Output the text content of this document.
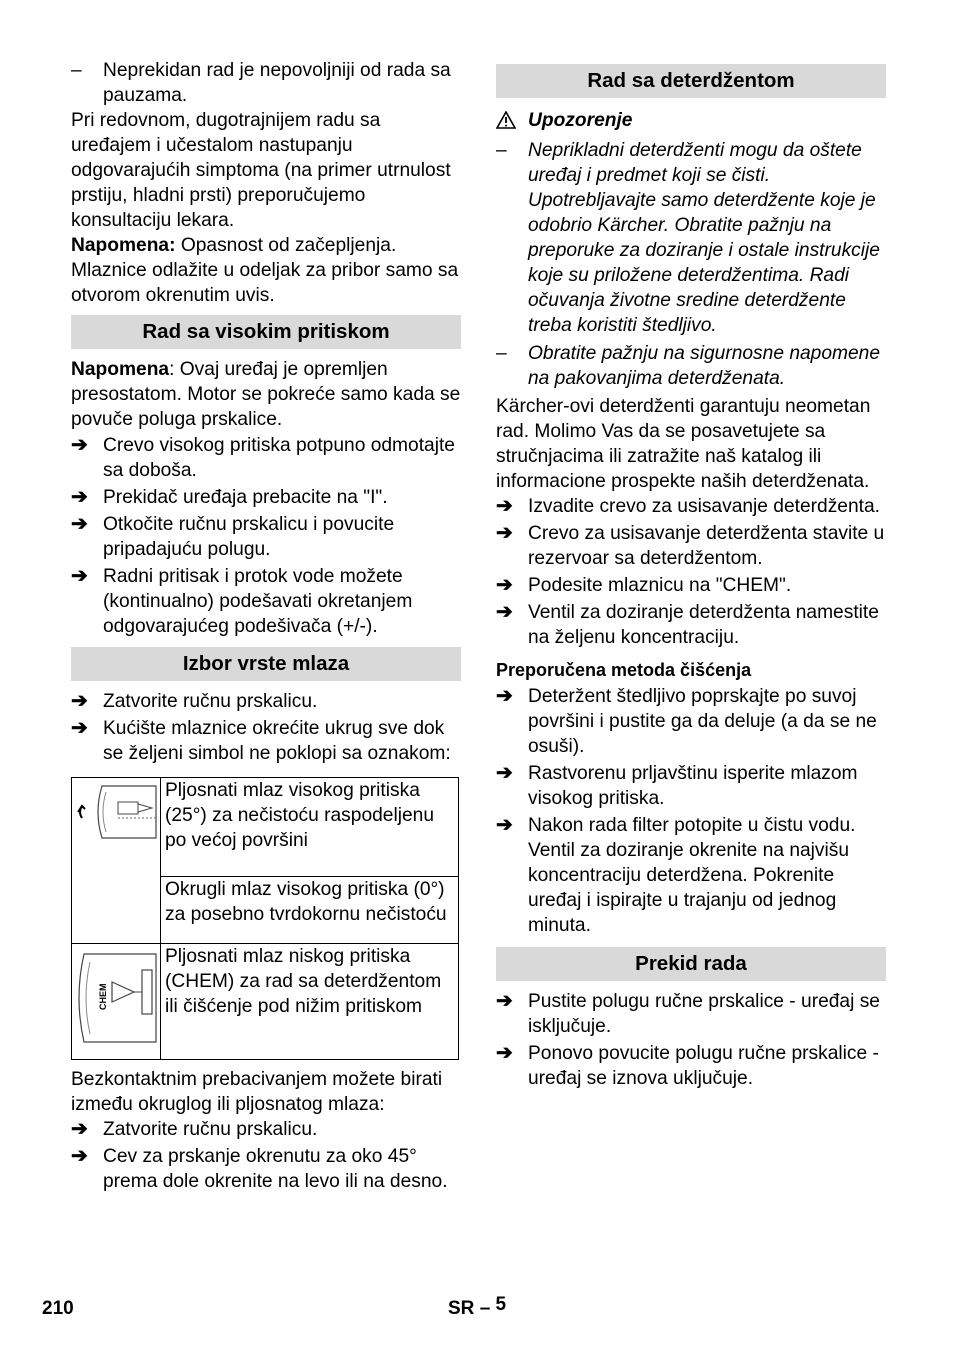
–	Neprekidan rad je nepovoljniji od rada sa pauzama.

Pri redovnom, dugotrajnijem radu sa uređajem i učestalom nastupanju odgovarajućih simptoma (na primer utrnulost prstiju, hladni prsti) preporučujemo konsultaciju lekara.

Napomena: Opasnost od začepljenja. Mlaznice odlažite u odeljak za pribor samo sa otvorom okrenutim uvis.

Rad sa visokim pritiskom

Napomena: Ovaj uređaj je opremljen presostatom. Motor se pokreće samo kada se povuče poluga prskalice.

➔ Crevo visokog pritiska potpuno odmotajte sa doboša.
➔ Prekidač uređaja prebacite na "I".
➔ Otkočite ručnu prskalicu i povucite pripadajuću polugu.
➔ Radni pritisak i protok vode možete (kontinualno) podešavati okretanjem odgovarajućeg podešivača (+/-).
Izbor vrste mlaza
➔ Zatvorite ručnu prskalicu.
➔ Kućište mlaznice okrećite ukrug sve dok se željeni simbol ne poklopi sa oznakom:
	Pljosnati mlaz visokog pritiska (25°) za nečistoću raspodeljenu po većoj površini
	Okrugli mlaz visokog pritiska (0°) za posebno tvrdokornu nečistoću

CHEM	Pljosnati mlaz niskog pritiska (CHEM) za rad sa deterdžentom ili čišćenje pod nižim pritiskom

Bezkontaktnim prebacivanjem možete birati između okruglog ili pljosnatog mlaza:

➔ Zatvorite ručnu prskalicu.
➔ Cev za prskanje okrenutu za oko 45° prema dole okrenite na levo ili na desno.
Rad sa deterdžentom
Upozorenje
–	Neprikladni deterdženti mogu da oštete uređaj i predmet koji se čisti. Upotrebljavajte samo deterdžente koje je odobrio Kärcher. Obratite pažnju na preporuke za doziranje i ostale instrukcije koje su priložene deterdžentima. Radi očuvanja životne sredine deterdžente treba koristiti štedljivo.
–	Obratite pažnju na sigurnosne napomene na pakovanjima deterdženata.

Kärcher-ovi deterdženti garantuju neometan rad. Molimo Vas da se posavetujete sa stručnjacima ili zatražite naš katalog ili informacione prospekte naših deterdženata.

➔ Izvadite crevo za usisavanje deterdženta.
➔ Crevo za usisavanje deterdženta stavite u rezervoar sa deterdžentom.
➔ Podesite mlaznicu na "CHEM".
➔ Ventil za doziranje deterdženta namestite na željenu koncentraciju.
Preporučena metoda čišćenja
➔ Deteržent štedljivo poprskajte po suvoj površini i pustite ga da deluje (a da se ne osuši).
➔ Rastvorenu prljavštinu isperite mlazom visokog pritiska.
➔ Nakon rada filter potopite u čistu vodu. Ventil za doziranje okrenite na najvišu koncentraciju deterdžena. Pokrenite uređaj i ispirajte u trajanju od jednog minuta.
Prekid rada
➔ Pustite polugu ručne prskalice - uređaj se isključuje.
➔ Ponovo povucite polugu ručne prskalice - uređaj se iznova uključuje.
210	SR – 5
